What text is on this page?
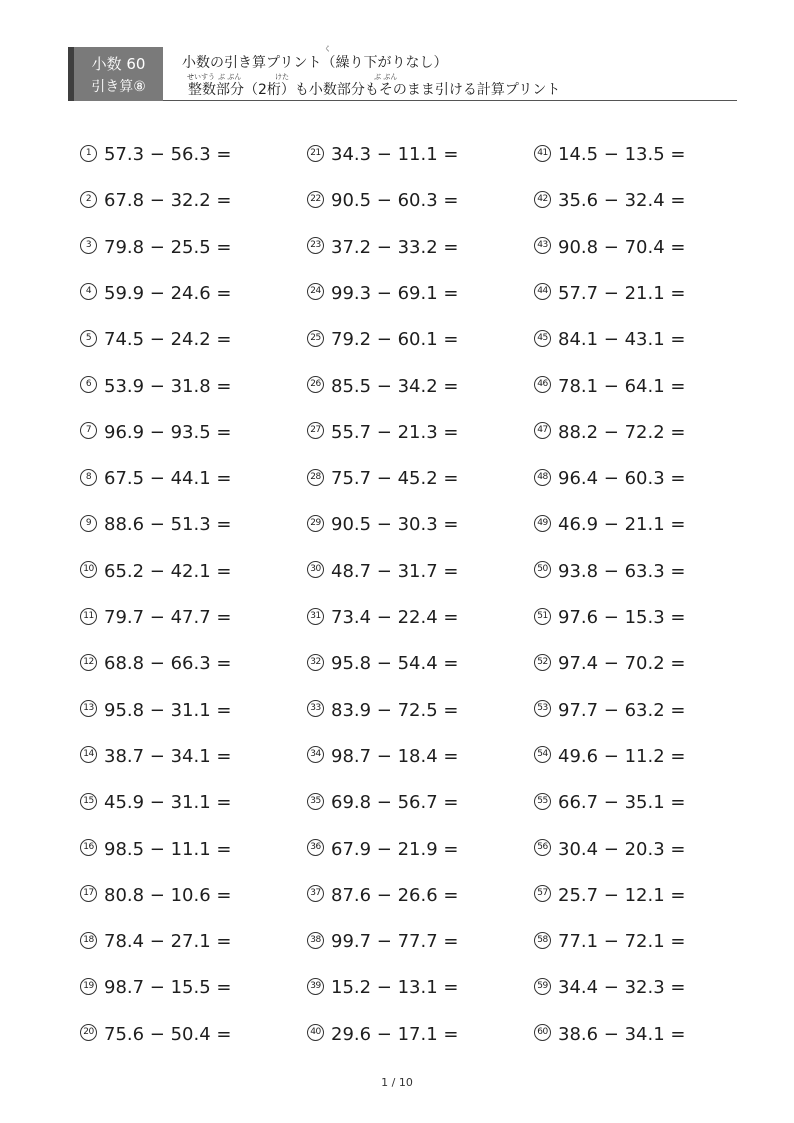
小数 60
引き算⑧
く
せいすう ぶ ぶん	けた	ぶ ぶん
小数の引き算プリント（繰り下がりなし）
整数部分（2桁）も小数部分もそのまま引ける計算プリント
1 57.3 − 56.3 =
2 67.8 − 32.2 =
3 79.8 − 25.5 =
4 59.9 − 24.6 =
5 74.5 − 24.2 =
6 53.9 − 31.8 =
7 96.9 − 93.5 =
8 67.5 − 44.1 =
9 88.6 − 51.3 =
10 65.2 − 42.1 =
11 79.7 − 47.7 =
12 68.8 − 66.3 =
13 95.8 − 31.1 =
14 38.7 − 34.1 =
15 45.9 − 31.1 =
16 98.5 − 11.1 =
17 80.8 − 10.6 =
18 78.4 − 27.1 =
19 98.7 − 15.5 =
20 75.6 − 50.4 =
21 34.3 − 11.1 =
22 90.5 − 60.3 =
23 37.2 − 33.2 =
24 99.3 − 69.1 =
25 79.2 − 60.1 =
26 85.5 − 34.2 =
27 55.7 − 21.3 =
28 75.7 − 45.2 =
29 90.5 − 30.3 =
30 48.7 − 31.7 =
31 73.4 − 22.4 =
32 95.8 − 54.4 =
33 83.9 − 72.5 =
34 98.7 − 18.4 =
35 69.8 − 56.7 =
36 67.9 − 21.9 =
37 87.6 − 26.6 =
38 99.7 − 77.7 =
39 15.2 − 13.1 =
40 29.6 − 17.1 =
41 14.5 − 13.5 =
42 35.6 − 32.4 =
43 90.8 − 70.4 =
44 57.7 − 21.1 =
45 84.1 − 43.1 =
46 78.1 − 64.1 =
47 88.2 − 72.2 =
48 96.4 − 60.3 =
49 46.9 − 21.1 =
50 93.8 − 63.3 =
51 97.6 − 15.3 =
52 97.4 − 70.2 =
53 97.7 − 63.2 =
54 49.6 − 11.2 =
55 66.7 − 35.1 =
56 30.4 − 20.3 =
57 25.7 − 12.1 =
58 77.1 − 72.1 =
59 34.4 − 32.3 =
60 38.6 − 34.1 =
1 / 10
